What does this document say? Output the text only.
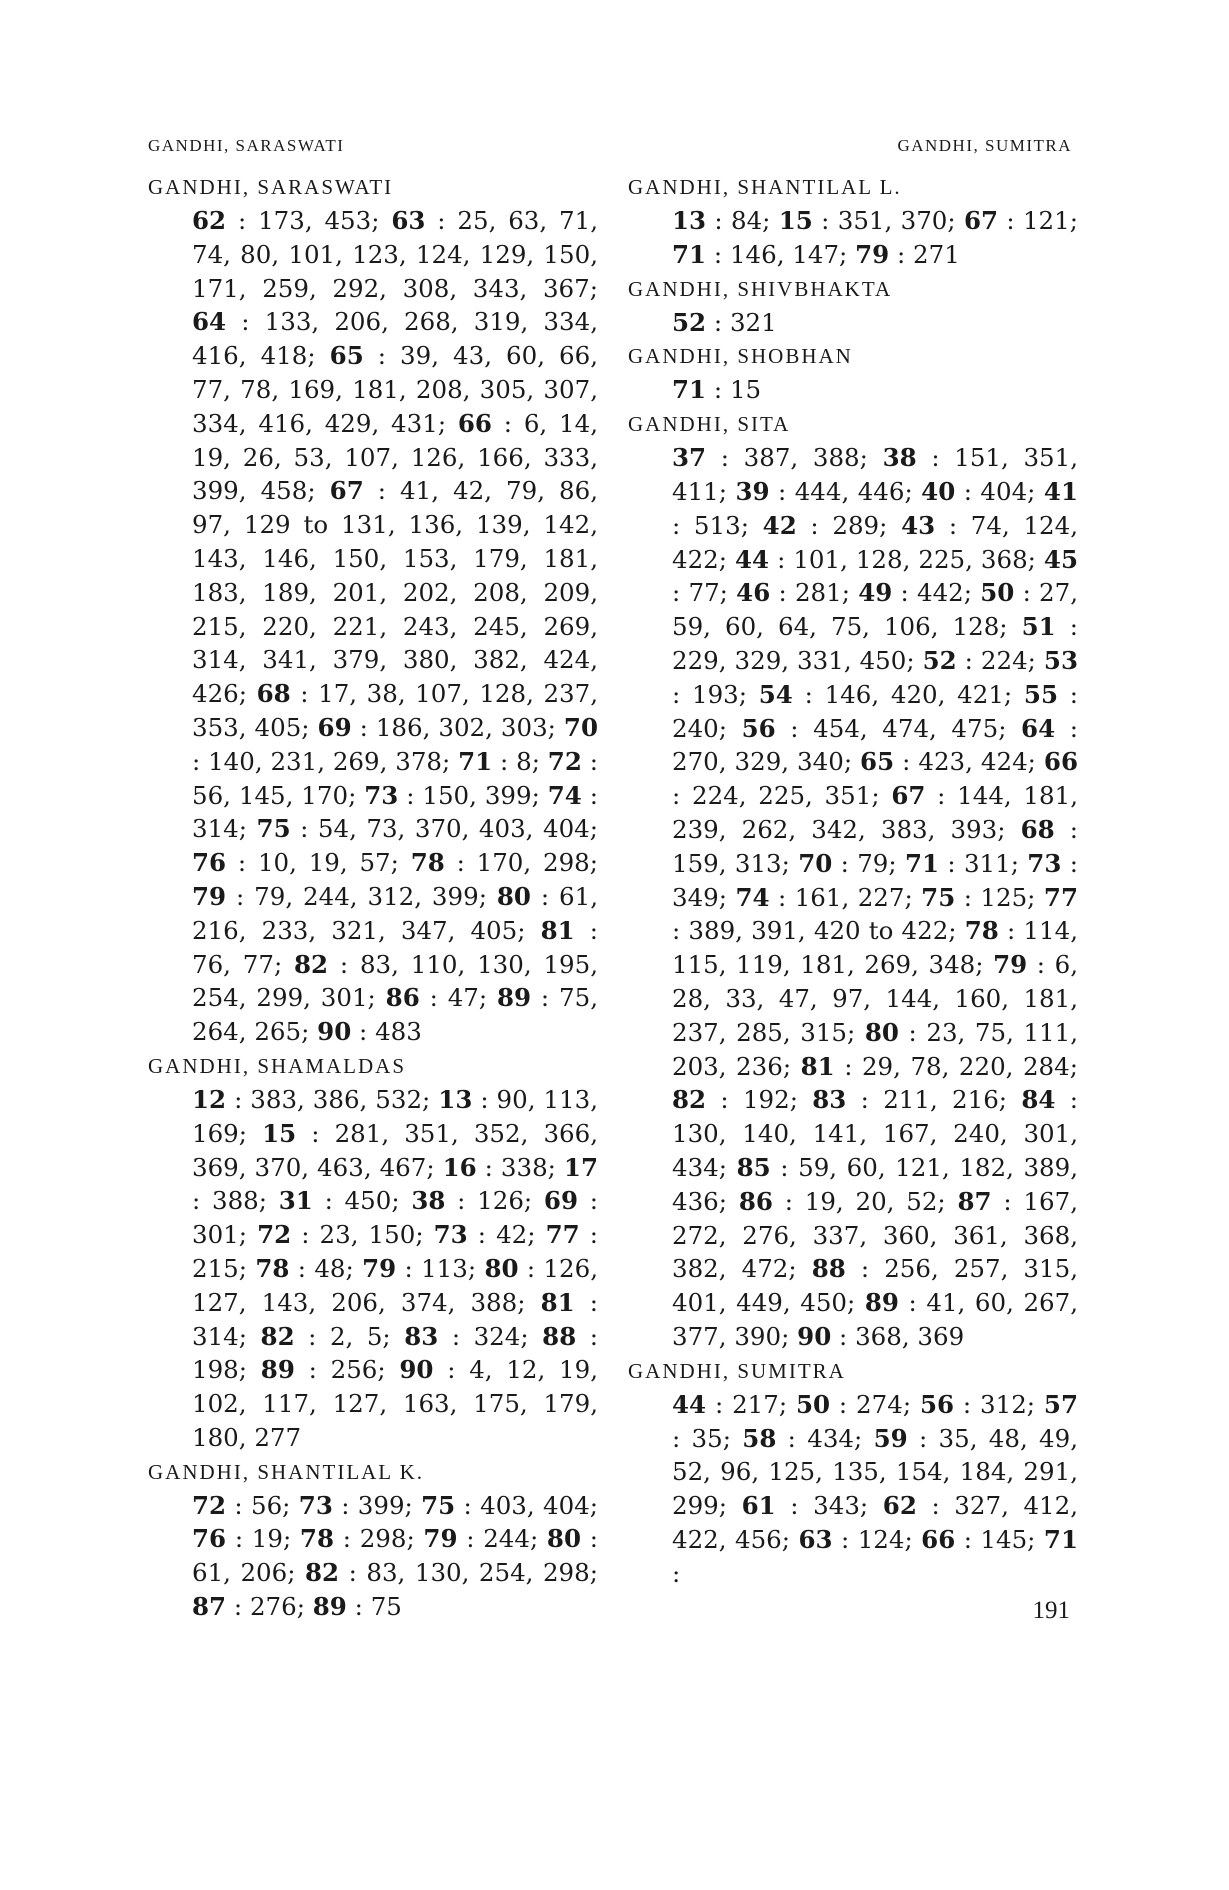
GANDHI, SARASWATI	GANDHI, SUMITRA
GANDHI, SARASWATI
62 : 173, 453; 63 : 25, 63, 71, 74, 80, 101, 123, 124, 129, 150, 171, 259, 292, 308, 343, 367; 64 : 133, 206, 268, 319, 334, 416, 418; 65 : 39, 43, 60, 66, 77, 78, 169, 181, 208, 305, 307, 334, 416, 429, 431; 66 : 6, 14, 19, 26, 53, 107, 126, 166, 333, 399, 458; 67 : 41, 42, 79, 86, 97, 129 to 131, 136, 139, 142, 143, 146, 150, 153, 179, 181, 183, 189, 201, 202, 208, 209, 215, 220, 221, 243, 245, 269, 314, 341, 379, 380, 382, 424, 426; 68 : 17, 38, 107, 128, 237, 353, 405; 69 : 186, 302, 303; 70 : 140, 231, 269, 378; 71 : 8; 72 : 56, 145, 170; 73 : 150, 399; 74 : 314; 75 : 54, 73, 370, 403, 404; 76 : 10, 19, 57; 78 : 170, 298; 79 : 79, 244, 312, 399; 80 : 61, 216, 233, 321, 347, 405; 81 : 76, 77; 82 : 83, 110, 130, 195, 254, 299, 301; 86 : 47; 89 : 75, 264, 265; 90 : 483
GANDHI, SHAMALDAS
12 : 383, 386, 532; 13 : 90, 113, 169; 15 : 281, 351, 352, 366, 369, 370, 463, 467; 16 : 338; 17 : 388; 31 : 450; 38 : 126; 69 : 301; 72 : 23, 150; 73 : 42; 77 : 215; 78 : 48; 79 : 113; 80 : 126, 127, 143, 206, 374, 388; 81 : 314; 82 : 2, 5; 83 : 324; 88 : 198; 89 : 256; 90 : 4, 12, 19, 102, 117, 127, 163, 175, 179, 180, 277
GANDHI, SHANTILAL K.
72 : 56; 73 : 399; 75 : 403, 404; 76 : 19; 78 : 298; 79 : 244; 80 : 61, 206; 82 : 83, 130, 254, 298; 87 : 276; 89 : 75
GANDHI, SHANTILAL L.
13 : 84; 15 : 351, 370; 67 : 121; 71 : 146, 147; 79 : 271
GANDHI, SHIVBHAKTA
52 : 321
GANDHI, SHOBHAN
71 : 15
GANDHI, SITA
37 : 387, 388; 38 : 151, 351, 411; 39 : 444, 446; 40 : 404; 41 : 513; 42 : 289; 43 : 74, 124, 422; 44 : 101, 128, 225, 368; 45 : 77; 46 : 281; 49 : 442; 50 : 27, 59, 60, 64, 75, 106, 128; 51 : 229, 329, 331, 450; 52 : 224; 53 : 193; 54 : 146, 420, 421; 55 : 240; 56 : 454, 474, 475; 64 : 270, 329, 340; 65 : 423, 424; 66 : 224, 225, 351; 67 : 144, 181, 239, 262, 342, 383, 393; 68 : 159, 313; 70 : 79; 71 : 311; 73 : 349; 74 : 161, 227; 75 : 125; 77 : 389, 391, 420 to 422; 78 : 114, 115, 119, 181, 269, 348; 79 : 6, 28, 33, 47, 97, 144, 160, 181, 237, 285, 315; 80 : 23, 75, 111, 203, 236; 81 : 29, 78, 220, 284; 82 : 192; 83 : 211, 216; 84 : 130, 140, 141, 167, 240, 301, 434; 85 : 59, 60, 121, 182, 389, 436; 86 : 19, 20, 52; 87 : 167, 272, 276, 337, 360, 361, 368, 382, 472; 88 : 256, 257, 315, 401, 449, 450; 89 : 41, 60, 267, 377, 390; 90 : 368, 369
GANDHI, SUMITRA
44 : 217; 50 : 274; 56 : 312; 57 : 35; 58 : 434; 59 : 35, 48, 49, 52, 96, 125, 135, 154, 184, 291, 299; 61 : 343; 62 : 327, 412, 422, 456; 63 : 124; 66 : 145; 71 :
191
